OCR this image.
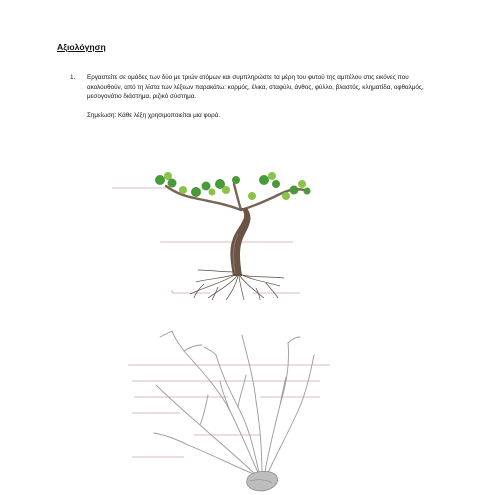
Αξιολόγηση
1. Εργαστείτε σε ομάδες των δύο με τριών ατόμων και συμπληρώστε τα μέρη του φυτού της αμπέλου στις εικόνες που ακολουθούν, από τη λίστα των λέξεων παρακάτω: κορμός, έλικα, σταφύλι, άνθος, φύλλο, βλαστός, κληματίδα, οφθαλμός, μεσογονάτιο διάστημα, ριζικό σύστημα.
Σημείωση: Κάθε λέξη χρησιμοποιείται μια φορά.
